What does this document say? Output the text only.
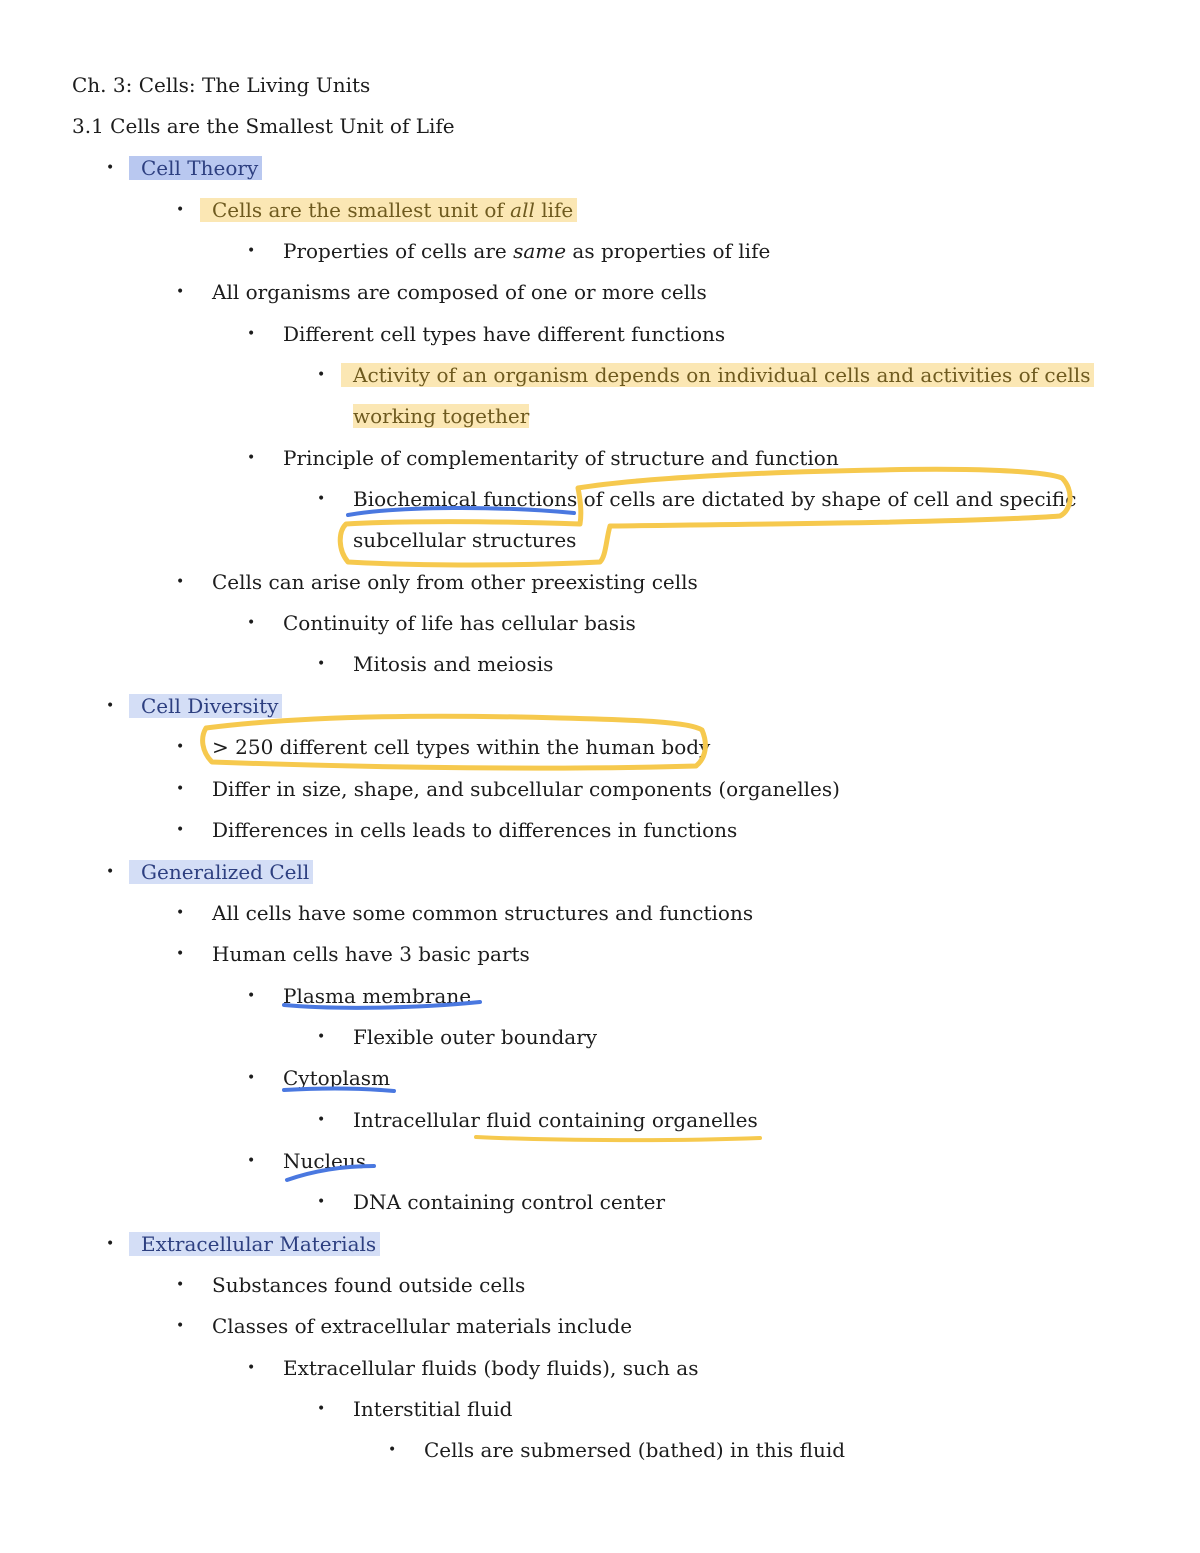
Ch. 3: Cells: The Living Units
3.1 Cells are the Smallest Unit of Life
• Cell Theory
• Cells are the smallest unit of all life
• Properties of cells are same as properties of life
• All organisms are composed of one or more cells
• Different cell types have different functions
• Activity of an organism depends on individual cells and activities of cells
working together
• Principle of complementarity of structure and function
• Biochemical functions of cells are dictated by shape of cell and specific
subcellular structures
• Cells can arise only from other preexisting cells
• Continuity of life has cellular basis
• Mitosis and meiosis
• Cell Diversity
• > 250 different cell types within the human body
• Differ in size, shape, and subcellular components (organelles)
• Differences in cells leads to differences in functions
• Generalized Cell
• All cells have some common structures and functions
• Human cells have 3 basic parts
• Plasma membrane
• Flexible outer boundary
• Cytoplasm
• Intracellular fluid containing organelles
• Nucleus
• DNA containing control center
• Extracellular Materials
• Substances found outside cells
• Classes of extracellular materials include
• Extracellular fluids (body fluids), such as
• Interstitial fluid
• Cells are submersed (bathed) in this fluid
